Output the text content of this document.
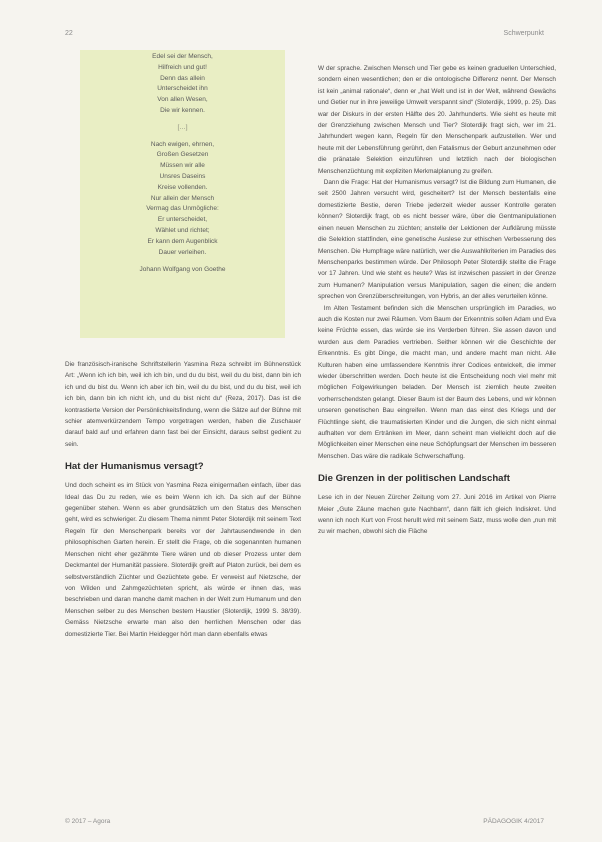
22	Schwerpunkt
Edel sei der Mensch,
Hilfreich und gut!
Denn das allein
Unterscheidet ihn
Von allen Wesen,
Die wir kennen.
[…]
Nach ewigen, ehrnen,
Großen Gesetzen
Müssen wir alle
Unsres Daseins
Kreise vollenden.
Nur allein der Mensch
Vermag das Unmögliche:
Er unterscheidet,
Wählet und richtet;
Er kann dem Augenblick
Dauer verleihen.
Johann Wolfgang von Goethe

Die französisch-iranische Schriftstellerin Yasmina Reza schreibt im Bühnenstück Art: „Wenn ich ich bin, weil ich ich bin, und du du bist, weil du du bist, dann bin ich ich und du bist du. Wenn ich aber ich bin, weil du du bist, und du du bist, weil ich ich bin, dann bin ich nicht ich, und du bist nicht du“ (Reza, 2017). Das ist die kontrastierte Version der Persönlichkeitsfindung, wenn die Sätze auf der Bühne mit schier atemverkürzendem Tempo vorgetragen werden, haben die Zuschauer darauf bald auf und erfahren dann fast bei der Einsicht, daraus selbst gedient zu sein.

Hat der Humanismus versagt?

Und doch scheint es im Stück von Yasmina Reza einigermaßen einfach, über das Ideal das Du zu reden, wie es beim Wenn ich ich. Da sich auf der Bühne gegenüber stehen. Wenn es aber grundsätzlich um den Status des Menschen geht, wird es schwieriger. Zu diesem Thema nimmt Peter Sloterdijk mit seinem Text Regeln für den Menschenpark bereits vor der Jahrtausendwende in den philosophischen Garten herein. Er stellt die Frage, ob die sogenannten humanen Menschen nicht eher gezähmte Tiere wären und ob dieser Prozess unter dem Deckmantel der Humanität passiere. Sloterdijk greift auf Platon zurück, bei dem es selbstverständlich Züchter und Gezüchtete gebe. Er verweist auf Nietzsche, der von Wilden und Zahmgezüchteten spricht, als würde er ihnen das, was beschrieben und daran manche damit machen in der Welt zum Humanum und den Menschen selber zu des Menschen bestem Haustier (Sloterdijk, 1999 S. 38/39). Gemäss Nietzsche erwarte man also den herrlichen Menschen oder das domestizierte Tier. Bei Martin Heidegger hört man dann ebenfalls etwas

W der sprache. Zwischen Mensch und Tier gebe es keinen graduellen Unterschied, sondern einen wesentlichen; den er die ontologische Differenz nennt. Der Mensch ist kein „animal rationale“, denn er „hat Welt und ist in der Welt, während Gewächs und Getier nur in ihre jeweilige Umwelt verspannt sind“ (Sloterdijk, 1999, p. 25). Das war der Diskurs in der ersten Hälfte des 20. Jahrhunderts. Wie sieht es heute mit der Grenzziehung zwischen Mensch und Tier? Sloterdijk fragt sich, wer im 21. Jahrhundert wegen kann, Regeln für den Menschenpark aufzustellen. Wer und heute mit der Lebensführung gerührt, den Fatalismus der Geburt anzunehmen oder die pränatale Selektion einzuführen und letztlich nach der biologischen Menschenzüchtung mit expliziten Merkmalplanung zu greifen.

Dann die Frage: Hat der Humanismus versagt? Ist die Bildung zum Humanen, die seit 2500 Jahren versucht wird, gescheitert? Ist der Mensch bestenfalls eine domestizierte Bestie, deren Triebe jederzeit wieder ausser Kontrolle geraten können? Sloterdijk fragt, ob es nicht besser wäre, über die Gentmanipulationen einen neuen Menschen zu züchten; anstelle der Lektionen der Aufklärung müsste die Selektion stattfinden, eine genetische Auslese zur ethischen Verbesserung des Menschen. Die Humpfrage wäre natürlich, wer die Auswahlkriterien im Paradies des Menschenparks bestimmen würde. Der Philosoph Peter Sloterdijk stellte die Frage vor 17 Jahren. Und wie steht es heute? Was ist inzwischen passiert in der Grenze zum Humanen? Manipulation versus Manipulation, sagen die einen; die andern sprechen von Grenzüberschreitungen, von Hybris, an der alles verurteilen könne.

Im Alten Testament befinden sich die Menschen ursprünglich im Paradies, wo auch die Kosten nur zwei Räumen. Vom Baum der Erkenntnis sollen Adam und Eva keine Früchte essen, das würde sie ins Verderben führen. Sie assen davon und wurden aus dem Paradies vertrieben. Seither können wir die Geschichte der Erkenntnis. Es gibt Dinge, die macht man, und andere macht man nicht. Alle Kulturen haben eine umfassendere Kenntnis ihrer Codices entwickelt, die immer wieder überschritten werden. Doch heute ist die Entscheidung noch viel mehr mit möglichen Folgewirkungen beladen. Der Mensch ist ziemlich heute zweiten vorherrschendsten gelangt. Dieser Baum ist der Baum des Lebens, und wir können unseren genetischen Bau eingreifen. Wenn man das einst des Kriegs und der Flüchtlinge sieht, die traumatisierten Kinder und die Jungen, die sich nicht einmal aufhalten vor dem Ertränken im Meer, dann scheint man vielleicht doch auf die Möglichkeiten einer Menschen eine neue Schöpfungsart der Menschen im besseren Menschen. Das wäre die radikale Schwerschaffung.

Die Grenzen in der politischen Landschaft

Lese ich in der Neuen Zürcher Zeitung vom 27. Juni 2016 im Artikel von Pierre Meier „Gute Zäune machen gute Nachbarn“, dann fällt ich gleich Indiskret. Und wenn ich noch Kurt von Frost herullt wird mit seinem Satz, muss wolle den „nun mit zu wir machen, obwohl sich die Fläche

© 2017 – Agora	PÄDAGOGIK 4/2017
